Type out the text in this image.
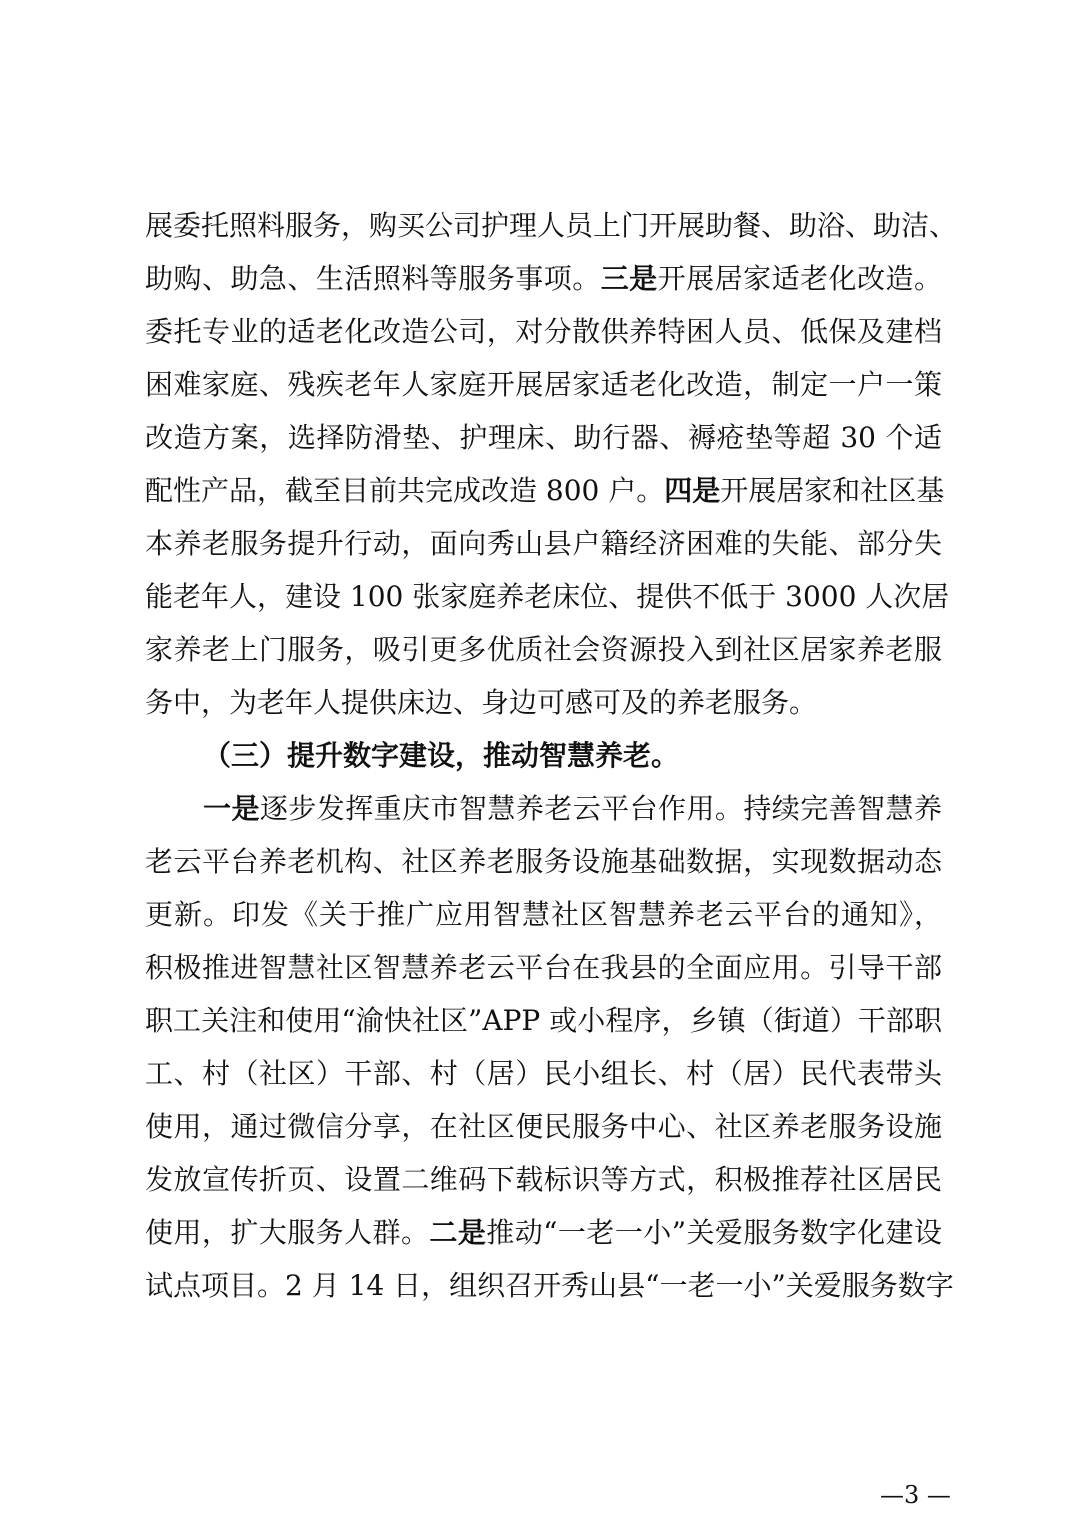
展委托照料服务，购买公司护理人员上门开展助餐、助浴、助洁、
助购、助急、生活照料等服务事项。三是开展居家适老化改造。
委托专业的适老化改造公司，对分散供养特困人员、低保及建档
困难家庭、残疾老年人家庭开展居家适老化改造，制定一户一策
改造方案，选择防滑垫、护理床、助行器、褥疮垫等超 30 个适
配性产品，截至目前共完成改造 800 户。四是开展居家和社区基
本养老服务提升行动，面向秀山县户籍经济困难的失能、部分失
能老年人，建设 100 张家庭养老床位、提供不低于 3000 人次居
家养老上门服务，吸引更多优质社会资源投入到社区居家养老服
务中，为老年人提供床边、身边可感可及的养老服务。
（三）提升数字建设，推动智慧养老。
一是逐步发挥重庆市智慧养老云平台作用。持续完善智慧养
老云平台养老机构、社区养老服务设施基础数据，实现数据动态
更新。印发《关于推广应用智慧社区智慧养老云平台的通知》，
积极推进智慧社区智慧养老云平台在我县的全面应用。引导干部
职工关注和使用“渝快社区”APP 或小程序，乡镇（街道）干部职
工、村（社区）干部、村（居）民小组长、村（居）民代表带头
使用，通过微信分享，在社区便民服务中心、社区养老服务设施
发放宣传折页、设置二维码下载标识等方式，积极推荐社区居民
使用，扩大服务人群。二是推动“一老一小”关爱服务数字化建设
试点项目。2 月 14 日，组织召开秀山县“一老一小”关爱服务数字
—3 —
